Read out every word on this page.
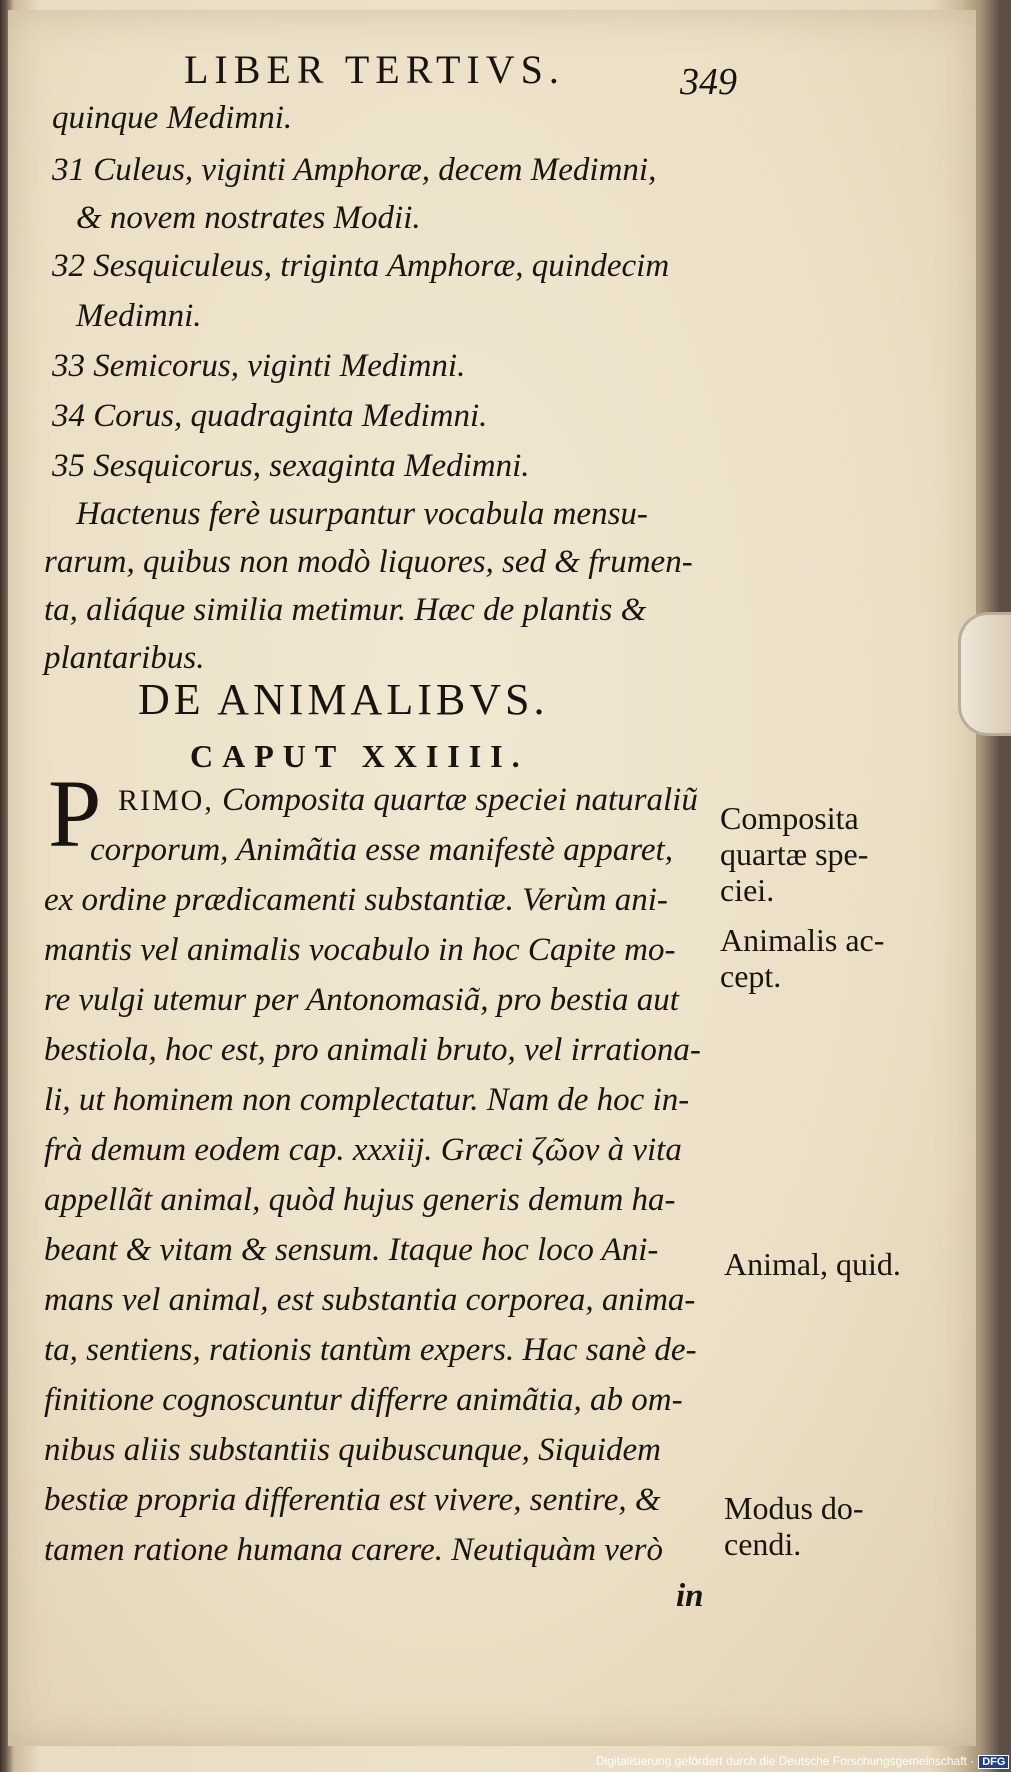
LIBER TERTIVS.	349
quinque Medimni.
31 Culeus, viginti Amphoræ, decem Medimni,
& novem nostrates Modii.
32 Sesquiculeus, triginta Amphoræ, quindecim
Medimni.
33 Semicorus, viginti Medimni.
34 Corus, quadraginta Medimni.
35 Sesquicorus, sexaginta Medimni.
Hactenus ferè usurpantur vocabula mensu-
rarum, quibus non modò liquores, sed & frumen-
ta, aliáque similia metimur. Hæc de plantis &
plantaribus.
DE ANIMALIBVS.
CAPUT XXIIII.
P RIMO, Composita quartæ speciei naturaliũ
corporum, Animãtia esse manifestè apparet,
ex ordine prædicamenti substantiæ. Verùm ani-
mantis vel animalis vocabulo in hoc Capite mo-
re vulgi utemur per Antonomasiã, pro bestia aut
bestiola, hoc est, pro animali bruto, vel irrationa-
li, ut hominem non complectatur. Nam de hoc in-
frà demum eodem cap. xxxiij. Græci ζῶον à vita
appellãt animal, quòd hujus generis demum ha-
beant & vitam & sensum. Itaque hoc loco Ani-
mans vel animal, est substantia corporea, anima-
ta, sentiens, rationis tantùm expers. Hac sanè de-
finitione cognoscuntur differre animãtia, ab om-
nibus aliis substantiis quibuscunque, Siquidem
bestiæ propria differentia est vivere, sentire, &
tamen ratione humana carere. Neutiquàm verò
in
Composita
quartæ spe-
ciei.
Animalis ac-
cept.
Animal, quid.
Modus do-
cendi.
Digitalisierung gefördert durch die Deutsche Forschungsgemeinschaft · DFG
